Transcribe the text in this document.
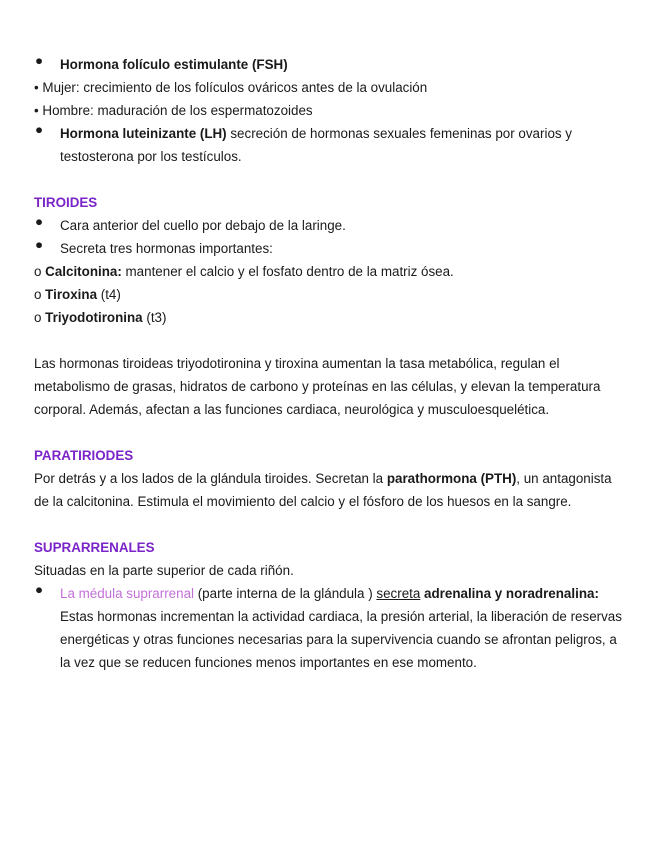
●	Hormona folículo estimulante (FSH)

• Mujer: crecimiento de los folículos ováricos antes de la ovulación

• Hombre: maduración de los espermatozoides

●	Hormona luteinizante (LH) secreción de hormonas sexuales femeninas por ovarios y testosterona por los testículos.
TIROIDES
●	Cara anterior del cuello por debajo de la laringe.
●	Secreta tres hormonas importantes:

o Calcitonina: mantener el calcio y el fosfato dentro de la matriz ósea.

o Tiroxina (t4)

o Triyodotironina (t3)

Las hormonas tiroideas triyodotironina y tiroxina aumentan la tasa metabólica, regulan el metabolismo de grasas, hidratos de carbono y proteínas en las células, y elevan la temperatura corporal. Además, afectan a las funciones cardiaca, neurológica y musculoesquelética.

PARATIRIODES

Por detrás y a los lados de la glándula tiroides. Secretan la parathormona (PTH), un antagonista de la calcitonina. Estimula el movimiento del calcio y el fósforo de los huesos en la sangre.

SUPRARRENALES

Situadas en la parte superior de cada riñón.

●	La médula suprarrenal (parte interna de la glándula ) secreta adrenalina y noradrenalina: Estas hormonas incrementan la actividad cardiaca, la presión arterial, la liberación de reservas energéticas y otras funciones necesarias para la supervivencia cuando se afrontan peligros, a la vez que se reducen funciones menos importantes en ese momento.
